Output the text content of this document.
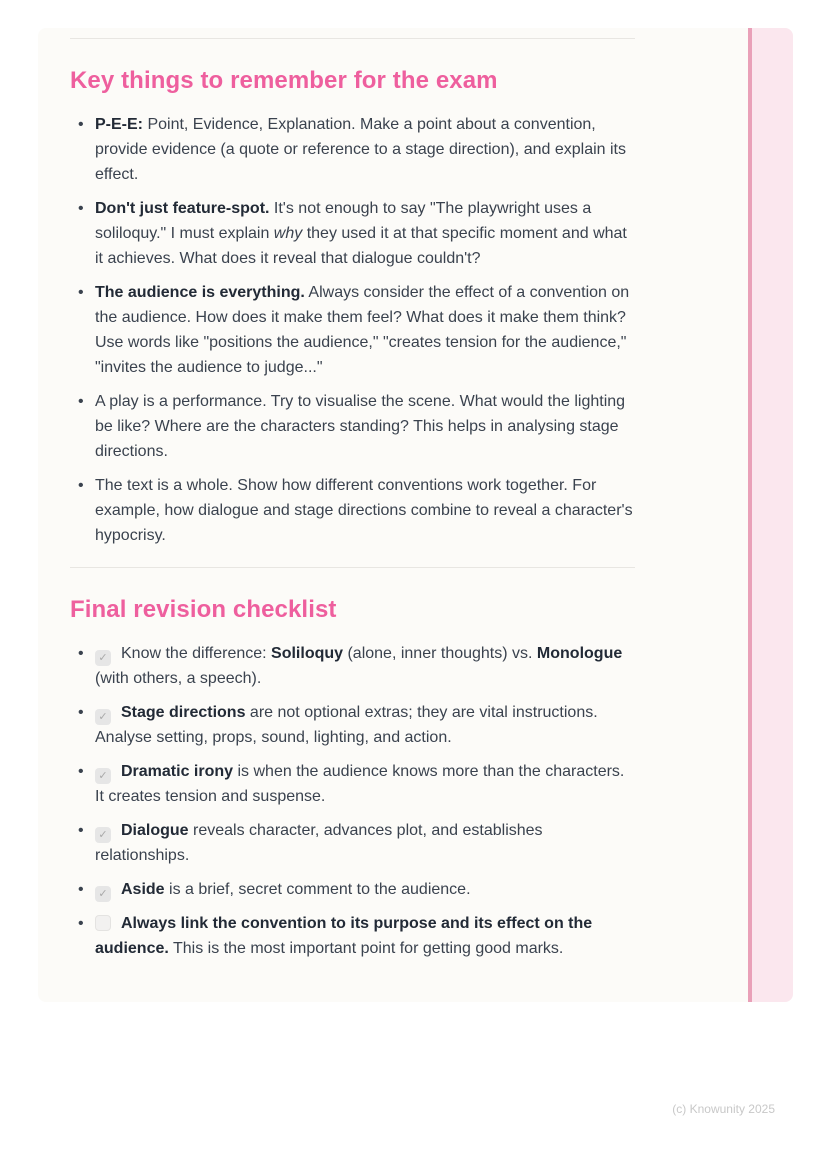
Key things to remember for the exam
• P-E-E: Point, Evidence, Explanation. Make a point about a convention, provide evidence (a quote or reference to a stage direction), and explain its effect.
• Don't just feature-spot. It's not enough to say "The playwright uses a soliloquy." I must explain why they used it at that specific moment and what it achieves. What does it reveal that dialogue couldn't?
• The audience is everything. Always consider the effect of a convention on the audience. How does it make them feel? What does it make them think? Use words like "positions the audience," "creates tension for the audience," "invites the audience to judge..."
• A play is a performance. Try to visualise the scene. What would the lighting be like? Where are the characters standing? This helps in analysing stage directions.
• The text is a whole. Show how different conventions work together. For example, how dialogue and stage directions combine to reveal a character's hypocrisy.
Final revision checklist
• ✓ Know the difference: Soliloquy (alone, inner thoughts) vs. Monologue (with others, a speech).
• ✓ Stage directions are not optional extras; they are vital instructions. Analyse setting, props, sound, lighting, and action.
• ✓ Dramatic irony is when the audience knows more than the characters. It creates tension and suspense.
• ✓ Dialogue reveals character, advances plot, and establishes relationships.
• ✓ Aside is a brief, secret comment to the audience.
• Always link the convention to its purpose and its effect on the audience. This is the most important point for getting good marks.
(c) Knowunity 2025
